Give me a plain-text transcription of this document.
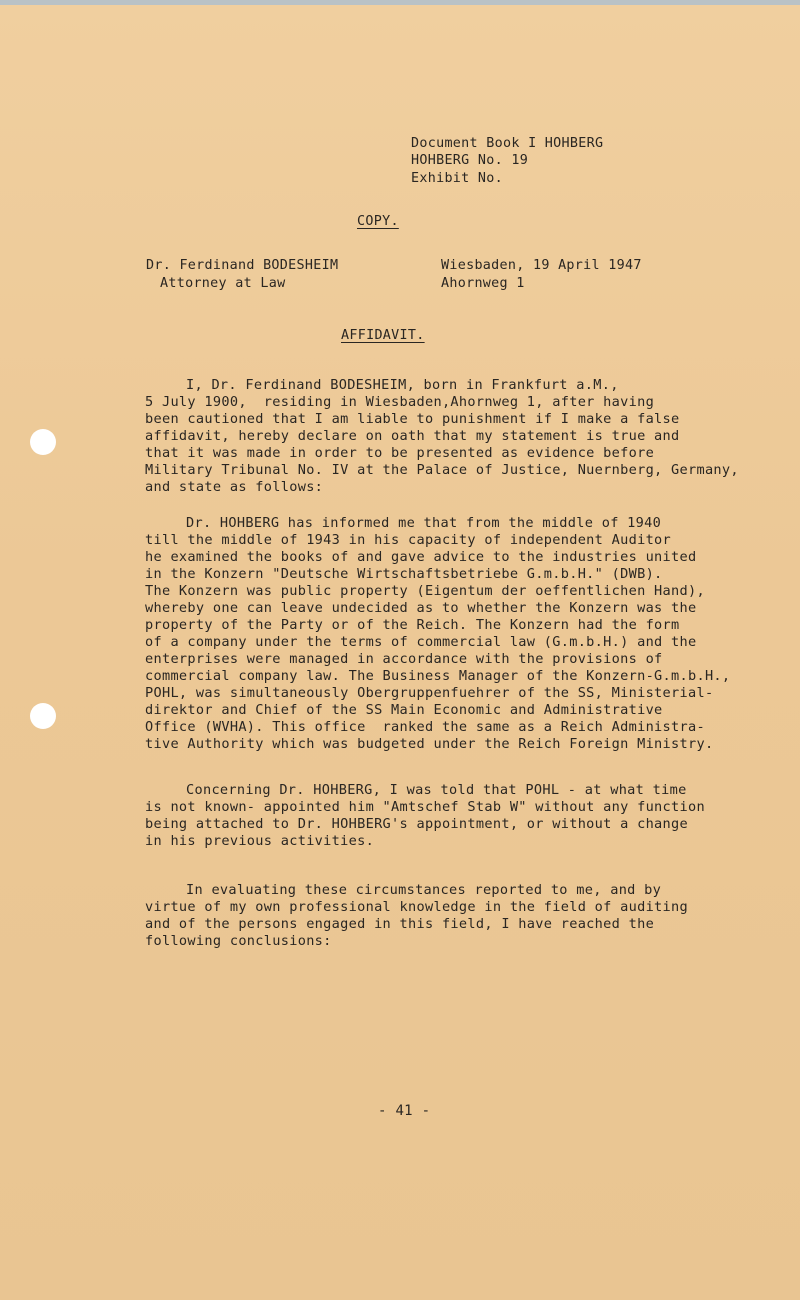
Document Book I HOHBERG
HOHBERG No. 19
Exhibit No.
COPY.
Dr. Ferdinand BODESHEIM
Attorney at Law
Wiesbaden, 19 April 1947
Ahornweg 1
AFFIDAVIT.
I, Dr. Ferdinand BODESHEIM, born in Frankfurt a.M.,
5 July 1900,  residing in Wiesbaden,Ahornweg 1, after having
been cautioned that I am liable to punishment if I make a false
affidavit, hereby declare on oath that my statement is true and
that it was made in order to be presented as evidence before
Military Tribunal No. IV at the Palace of Justice, Nuernberg, Germany,
and state as follows:
Dr. HOHBERG has informed me that from the middle of 1940
till the middle of 1943 in his capacity of independent Auditor
he examined the books of and gave advice to the industries united
in the Konzern "Deutsche Wirtschaftsbetriebe G.m.b.H." (DWB).
The Konzern was public property (Eigentum der oeffentlichen Hand),
whereby one can leave undecided as to whether the Konzern was the
property of the Party or of the Reich. The Konzern had the form
of a company under the terms of commercial law (G.m.b.H.) and the
enterprises were managed in accordance with the provisions of
commercial company law. The Business Manager of the Konzern-G.m.b.H.,
POHL, was simultaneously Obergruppenfuehrer of the SS, Ministerial-
direktor and Chief of the SS Main Economic and Administrative
Office (WVHA). This office  ranked the same as a Reich Administra-
tive Authority which was budgeted under the Reich Foreign Ministry.
Concerning Dr. HOHBERG, I was told that POHL - at what time
is not known- appointed him "Amtschef Stab W" without any function
being attached to Dr. HOHBERG's appointment, or without a change
in his previous activities.
In evaluating these circumstances reported to me, and by
virtue of my own professional knowledge in the field of auditing
and of the persons engaged in this field, I have reached the
following conclusions:
- 41 -
